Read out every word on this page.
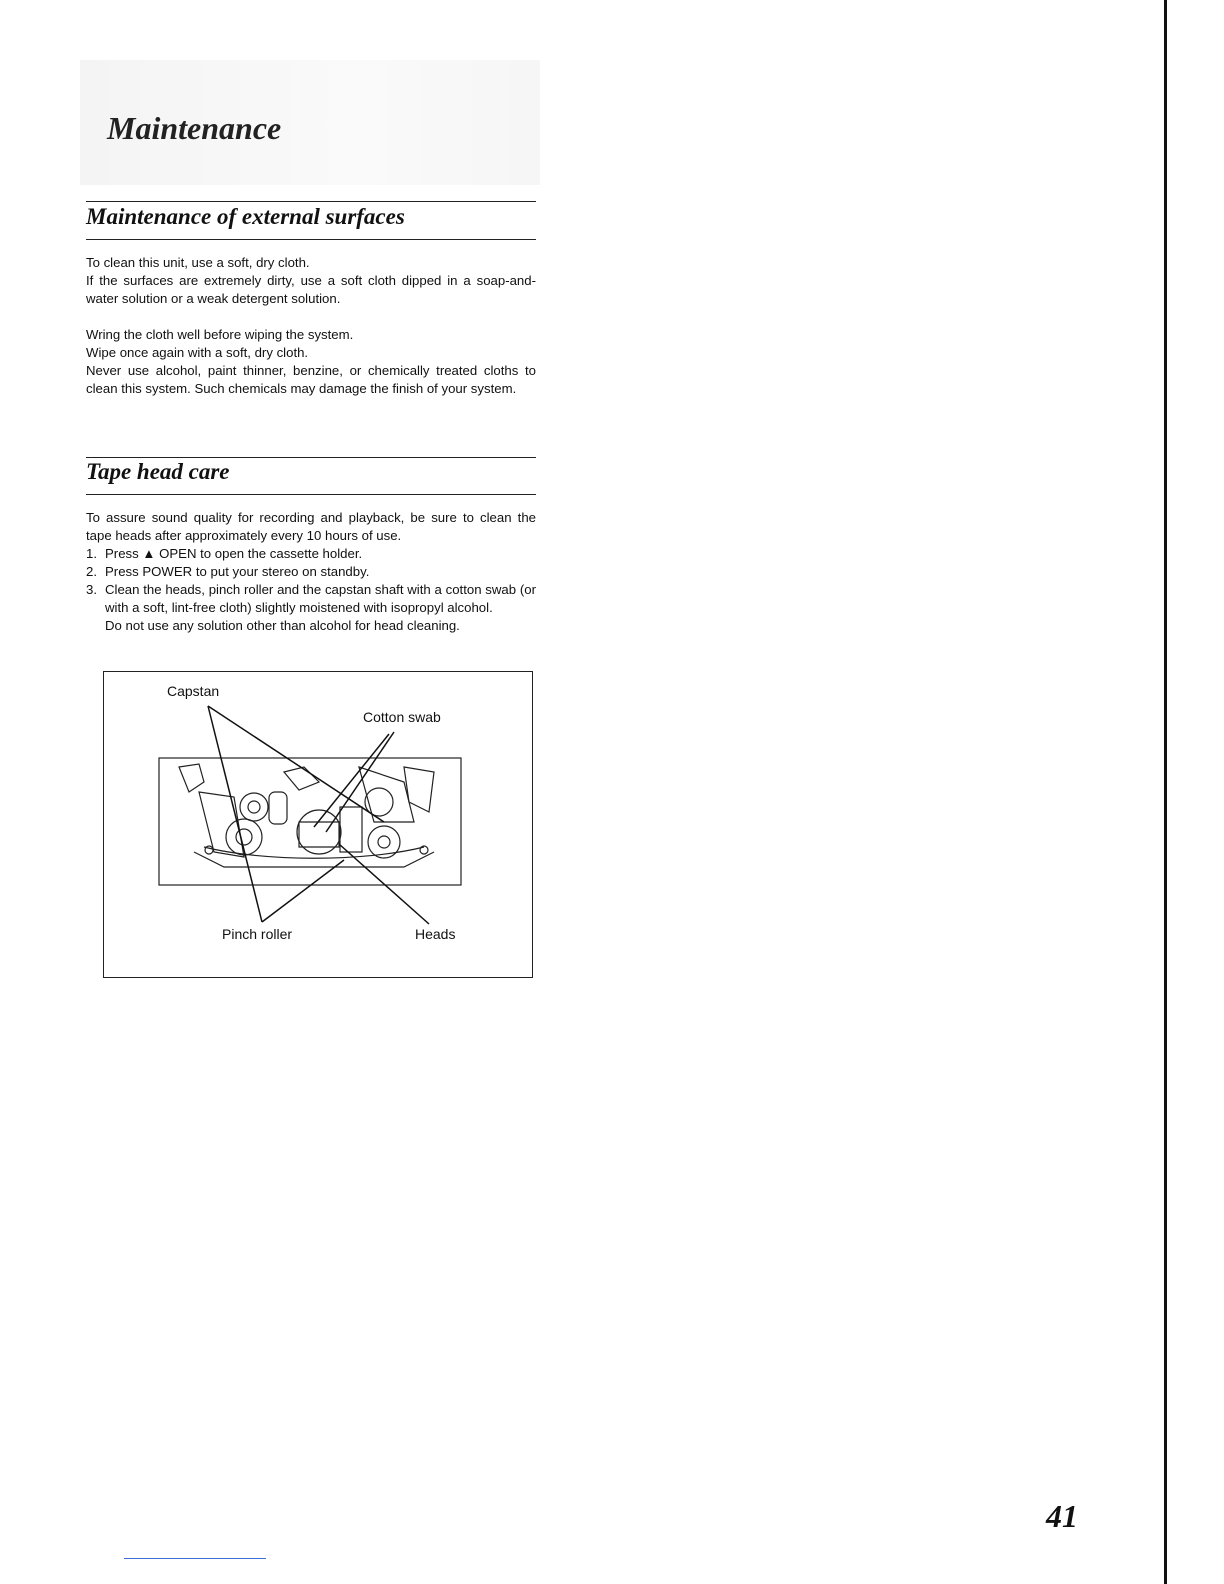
Maintenance
Maintenance of external surfaces

To clean this unit, use a soft, dry cloth.

If the surfaces are extremely dirty, use a soft cloth dipped in a soap-and-water solution or a weak detergent solution.

Wring the cloth well before wiping the system.

Wipe once again with a soft, dry cloth.

Never use alcohol, paint thinner, benzine, or chemically treated cloths to clean this system. Such chemicals may damage the finish of your system.

Tape head care
To assure sound quality for recording and playback, be sure to clean the tape heads after approximately every 10 hours of use.
1. Press ▲ OPEN to open the cassette holder.
2. Press POWER to put your stereo on standby.
3. Clean the heads, pinch roller and the capstan shaft with a cotton swab (or with a soft, lint-free cloth) slightly moistened with isopropyl alcohol.
Do not use any solution other than alcohol for head cleaning.
Capstan
Cotton swab
Pinch roller	Heads

41
